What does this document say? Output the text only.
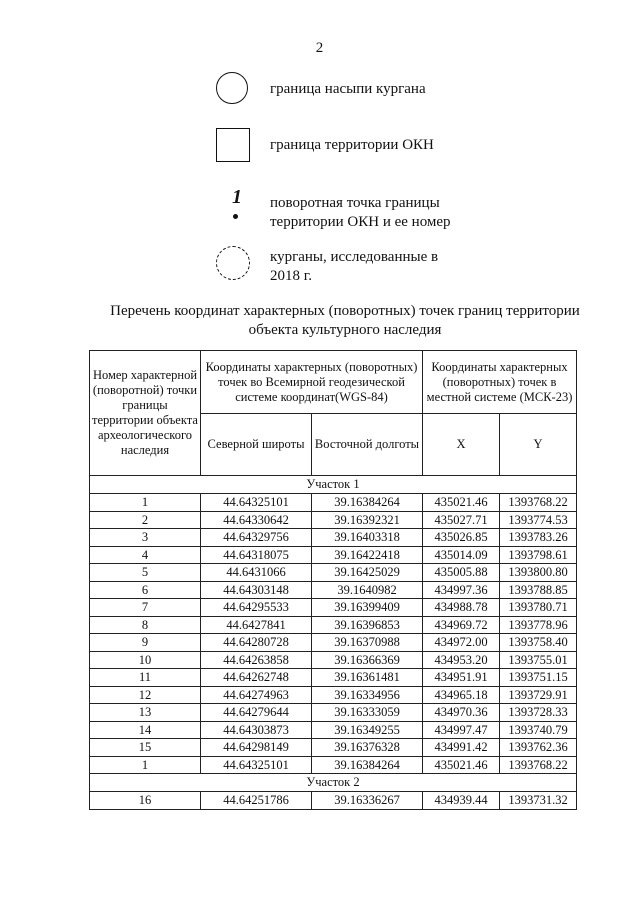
2
граница насыпи кургана
граница территории ОКН
1 поворотная точка границы
территории ОКН и ее номер
курганы, исследованные в
2018 г.
Перечень координат характерных (поворотных) точек границ территории
объекта культурного наследия
Номер характерной (поворотной) точки границы территории объекта археологического наследия	Координаты характерных (поворотных) точек во Всемирной геодезической системе координат(WGS-84)		Координаты характерных (поворотных) точек в местной системе (МСК-23)	
	Северной широты	Восточной долготы	X	Y
Участок 1				
1	44.64325101	39.16384264	435021.46	1393768.22
2	44.64330642	39.16392321	435027.71	1393774.53
3	44.64329756	39.16403318	435026.85	1393783.26
4	44.64318075	39.16422418	435014.09	1393798.61
5	44.6431066	39.16425029	435005.88	1393800.80
6	44.64303148	39.1640982	434997.36	1393788.85
7	44.64295533	39.16399409	434988.78	1393780.71
8	44.6427841	39.16396853	434969.72	1393778.96
9	44.64280728	39.16370988	434972.00	1393758.40
10	44.64263858	39.16366369	434953.20	1393755.01
11	44.64262748	39.16361481	434951.91	1393751.15
12	44.64274963	39.16334956	434965.18	1393729.91
13	44.64279644	39.16333059	434970.36	1393728.33
14	44.64303873	39.16349255	434997.47	1393740.79
15	44.64298149	39.16376328	434991.42	1393762.36
1	44.64325101	39.16384264	435021.46	1393768.22
Участок 2				
16	44.64251786	39.16336267	434939.44	1393731.32
